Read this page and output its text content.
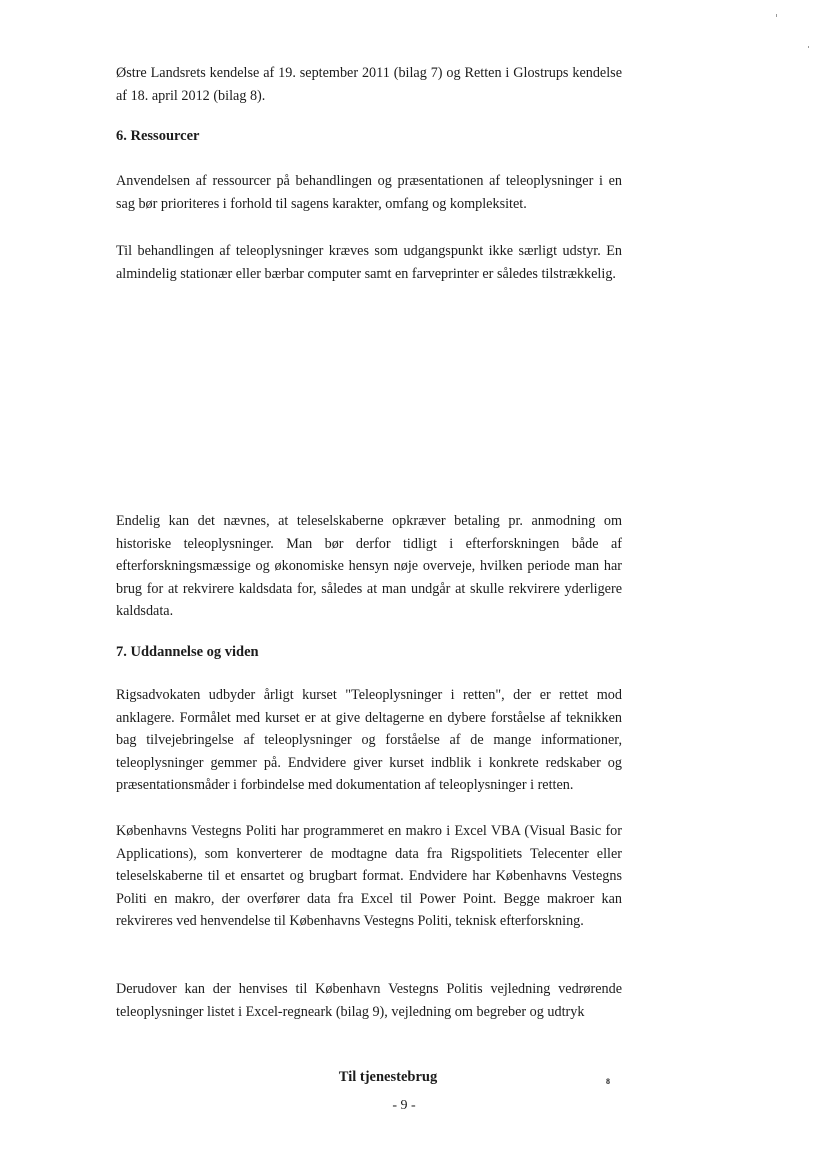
Østre Landsrets kendelse af 19. september 2011 (bilag 7) og Retten i Glostrups kendelse af 18. april 2012 (bilag 8).

6. Ressourcer

Anvendelsen af ressourcer på behandlingen og præsentationen af teleoplysninger i en sag bør prioriteres i forhold til sagens karakter, omfang og kompleksitet.

Til behandlingen af teleoplysninger kræves som udgangspunkt ikke særligt udstyr. En almindelig stationær eller bærbar computer samt en farveprinter er således tilstrækkelig.

Endelig kan det nævnes, at teleselskaberne opkræver betaling pr. anmodning om historiske teleoplysninger. Man bør derfor tidligt i efterforskningen både af efterforskningsmæssige og økonomiske hensyn nøje overveje, hvilken periode man har brug for at rekvirere kaldsdata for, således at man undgår at skulle rekvirere yderligere kaldsdata.

7. Uddannelse og viden

Rigsadvokaten udbyder årligt kurset "Teleoplysninger i retten", der er rettet mod anklagere. Formålet med kurset er at give deltagerne en dybere forståelse af teknikken bag tilvejebringelse af teleoplysninger og forståelse af de mange informationer, teleoplysninger gemmer på. Endvidere giver kurset indblik i konkrete redskaber og præsentationsmåder i forbindelse med dokumentation af teleoplysninger i retten.

Københavns Vestegns Politi har programmeret en makro i Excel VBA (Visual Basic for Applications), som konverterer de modtagne data fra Rigspolitiets Telecenter eller teleselskaberne til et ensartet og brugbart format. Endvidere har Københavns Vestegns Politi en makro, der overfører data fra Excel til Power Point. Begge makroer kan rekvireres ved henvendelse til Københavns Vestegns Politi, teknisk efterforskning.

Derudover kan der henvises til København Vestegns Politis vejledning vedrørende teleoplysninger listet i Excel-regneark (bilag 9), vejledning om begreber og udtryk

Til tjenestebrug	8
- 9 -
